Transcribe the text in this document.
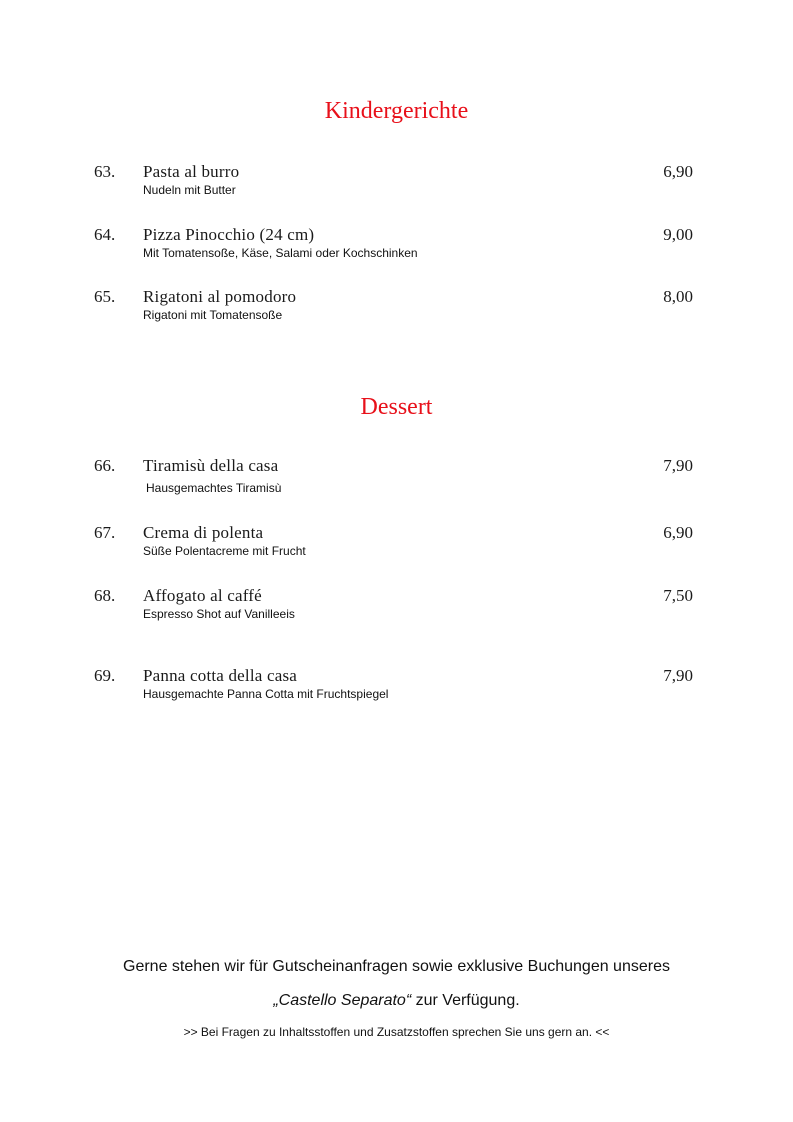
Kindergerichte
63. Pasta al burro	6,90
Nudeln mit Butter
64. Pizza Pinocchio (24 cm)	9,00
Mit Tomatensoße, Käse, Salami oder Kochschinken
65. Rigatoni al pomodoro	8,00
Rigatoni mit Tomatensoße
Dessert
66. Tiramisù della casa	7,90
Hausgemachtes Tiramisù
67. Crema di polenta	6,90
Süße Polentacreme mit Frucht
68. Affogato al caffé	7,50
Espresso Shot auf Vanilleeis
69. Panna cotta della casa	7,90
Hausgemachte Panna Cotta mit Fruchtspiegel
Gerne stehen wir für Gutscheinanfragen sowie exklusive Buchungen unseres
„Castello Separato“ zur Verfügung.
>> Bei Fragen zu Inhaltsstoffen und Zusatzstoffen sprechen Sie uns gern an. <<
